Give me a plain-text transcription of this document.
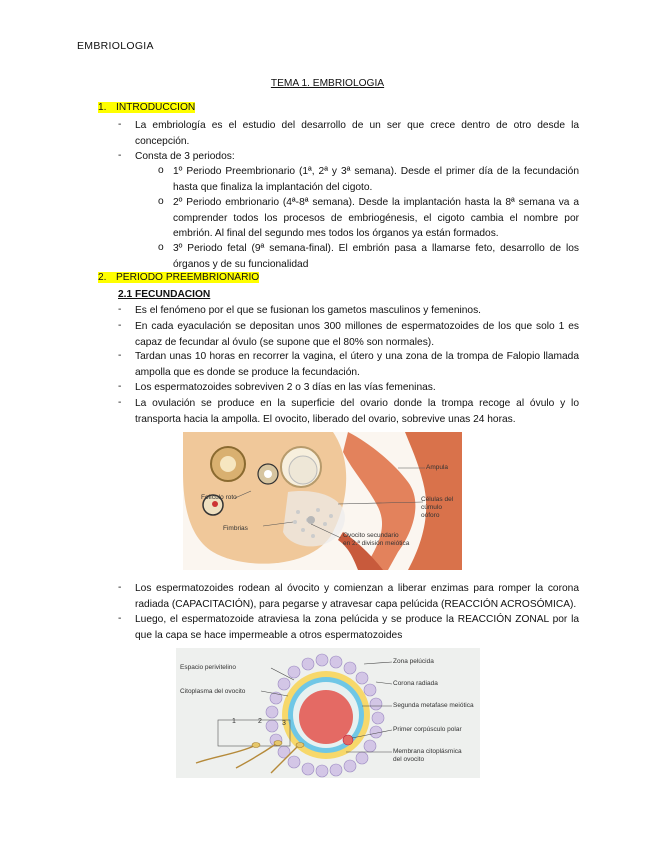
EMBRIOLOGIA
TEMA 1. EMBRIOLOGIA
1. INTRODUCCION
- La embriología es el estudio del desarrollo de un ser que crece dentro de otro desde la concepción.
- Consta de 3 periodos:
o 1º Periodo Preembrionario (1ª, 2ª y 3ª semana). Desde el primer día de la fecundación hasta que finaliza la implantación del cigoto.
o 2º Periodo embrionario (4ª-8ª semana). Desde la implantación hasta la 8ª semana va a comprender todos los procesos de embriogénesis, el cigoto cambia el nombre por embrión. Al final del segundo mes todos los órganos ya están formados.
o 3º Periodo fetal (9ª semana-final). El embrión pasa a llamarse feto, desarrollo de los órganos y de su funcionalidad
2. PERIODO PREEMBRIONARIO
2.1 FECUNDACION
- Es el fenómeno por el que se fusionan los gametos masculinos y femeninos.
- En cada eyaculación se depositan unos 300 millones de espermatozoides de los que solo 1 es capaz de fecundar al óvulo (se supone que el 80% son normales).
- Tardan unas 10 horas en recorrer la vagina, el útero y una zona de la trompa de Falopio llamada ampolla que es donde se produce la fecundación.
- Los espermatozoides sobreviven 2 o 3 días en las vías femeninas.
- La ovulación se produce en la superficie del ovario donde la trompa recoge al óvulo y lo transporta hacia la ampolla. El ovocito, liberado del ovario, sobrevive unas 24 horas.
Ampula
Folículo roto	Células del
cúmulo oóforo
Fimbrias
Ovocito secundario
en 2.ª división meiótica
- Los espermatozoides rodean al óvocito y comienzan a liberar enzimas para romper la corona radiada (CAPACITACIÓN), para pegarse y atravesar capa pelúcida (REACCIÓN ACROSÓMICA).
- Luego, el espermatozoide atraviesa la zona pelúcida y se produce la REACCIÓN ZONAL por la que la capa se hace impermeable a otros espermatozoides
Espacio perivitelino
Citoplasma del ovocito
Zona pelúcida
Corona radiada
Segunda metafase meiótica
Primer corpúsculo polar
Membrana citoplásmica
del ovocito
1	2	3
